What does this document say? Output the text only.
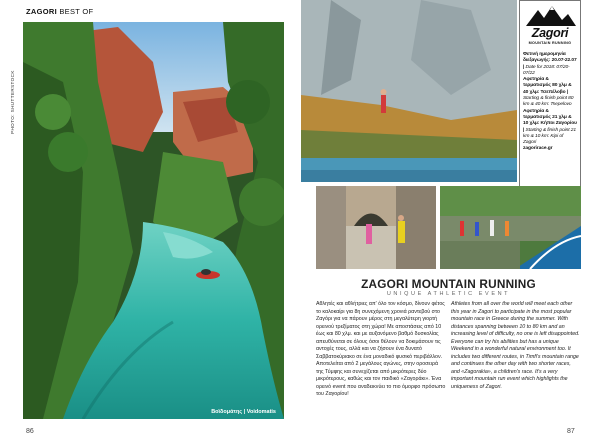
ZAGORI BEST OF
PHOTO: SHUTTERSTOCK
Βοϊδομάτης | Voidomatis
Zagori
MOUNTAIN RUNNING
Φετινή ημερομηνία διεξαγωγής: 20.07-22.07 | Date for 2018: 07/20-07/22
Αφετηρία & τερματισμός 80 χλμ & 40 χλμ: Τσεπέλοβο | Starting & finish point 80 km & 40 km: Tsepelovo
Αφετηρία & τερματισμός 21 χλμ & 10 χλμ: Κήποι Ζαγορίου | Starting & finish point 21 km & 10 km: Kipi of Zagori
zagorirace.gr
ZAGORI MOUNTAIN RUNNING
UNIQUE ATHLETIC EVENT
Αθλητές και αθλήτριες απ' όλο τον κόσμο, δίνουν φέτος το καλοκαίρι για 8η συνεχόμενη χρονιά ραντεβού στο Ζαγόρι για να πάρουν μέρος στη μεγαλύτερη γιορτή ορεινού τρεξίματος στη χώρα! Με αποστάσεις από 10 έως και 80 χλμ. και με αυξανόμενο βαθμό δυσκολίας απευθύνεται σε όλους όσοι θέλουν να δοκιμάσουν τις αντοχές τους, αλλά και να ζήσουν ένα δυνατό Σαββατοκύριακο σε ένα μοναδικό φυσικό περιβάλλον. Αποτελείται από 2 μεγάλους αγώνες, στην οροσειρά της Τύμφης και συνεχίζεται από μικρότερες δύο μικρότερους, καθώς και τον παιδικό «Ζαγοράκι». Ένα ορεινό event που αναδεικνύει το πιο όμορφο πρόσωπο του Ζαγορίου!
Athletes from all over the world will meet each other this year in Zagori to participate in the most popular mountain race in Greece during the summer. With distances spanning between 10 to 80 km and an increasing level of difficulty, no one is left disappointed. Everyone can try his abilities but has a unique Weekend in a wonderful natural environment too. It includes two different routes, in Timfi's mountain range and continues the other day with two shorter races, and «Zagorakia», a children's race. It's a very important mountain run event which highlights the uniqueness of Zagori.
86	87
